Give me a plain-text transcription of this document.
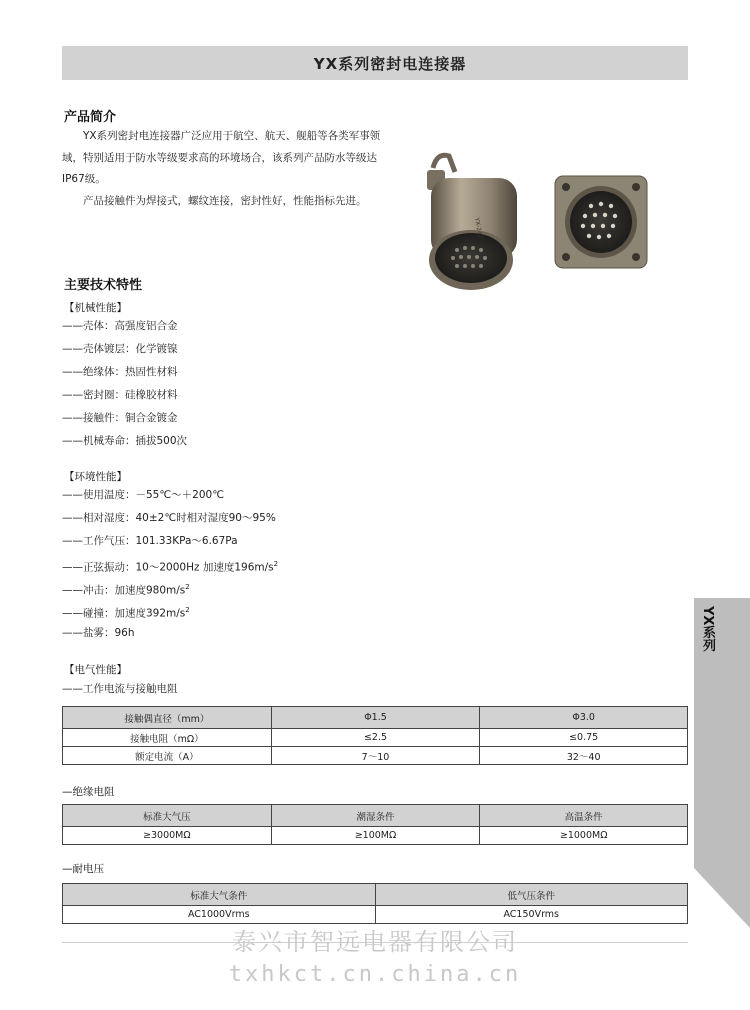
YX系列密封电连接器
产品简介

YX系列密封电连接器广泛应用于航空、航天、舰船等各类军事领域，特别适用于防水等级要求高的环境场合，该系列产品防水等级达IP67级。

产品接触件为焊接式，螺纹连接，密封性好，性能指标先进。

YX-24Z
主要技术特性
【机械性能】
——壳体：高强度铝合金
——壳体镀层：化学镀镍
——绝缘体：热固性材料
——密封圈：硅橡胶材料
——接触件：铜合金镀金
——机械寿命：插拔500次
【环境性能】
——使用温度：－55℃～＋200℃
——相对湿度：40±2℃时相对湿度90～95%
——工作气压：101.33KPa～6.67Pa
——正弦振动：10～2000Hz 加速度$196m/s^2$
——冲击：加速度$980m/s^2$
——碰撞：加速度$392m/s^2$
——盐雾：96h
【电气性能】
——工作电流与接触电阻
接触偶直径（mm）	Φ1.5	Φ3.0
接触电阻（mΩ）	≤2.5	≤0.75
额定电流（A）	7～10	32～40
—绝缘电阻
标准大气压	潮湿条件	高温条件
≥3000MΩ	≥100MΩ	≥1000MΩ
—耐电压
标准大气条件	低气压条件
AC1000Vrms	AC150Vrms
YX系列
泰兴市智远电器有限公司
txhkct.cn.china.cn
